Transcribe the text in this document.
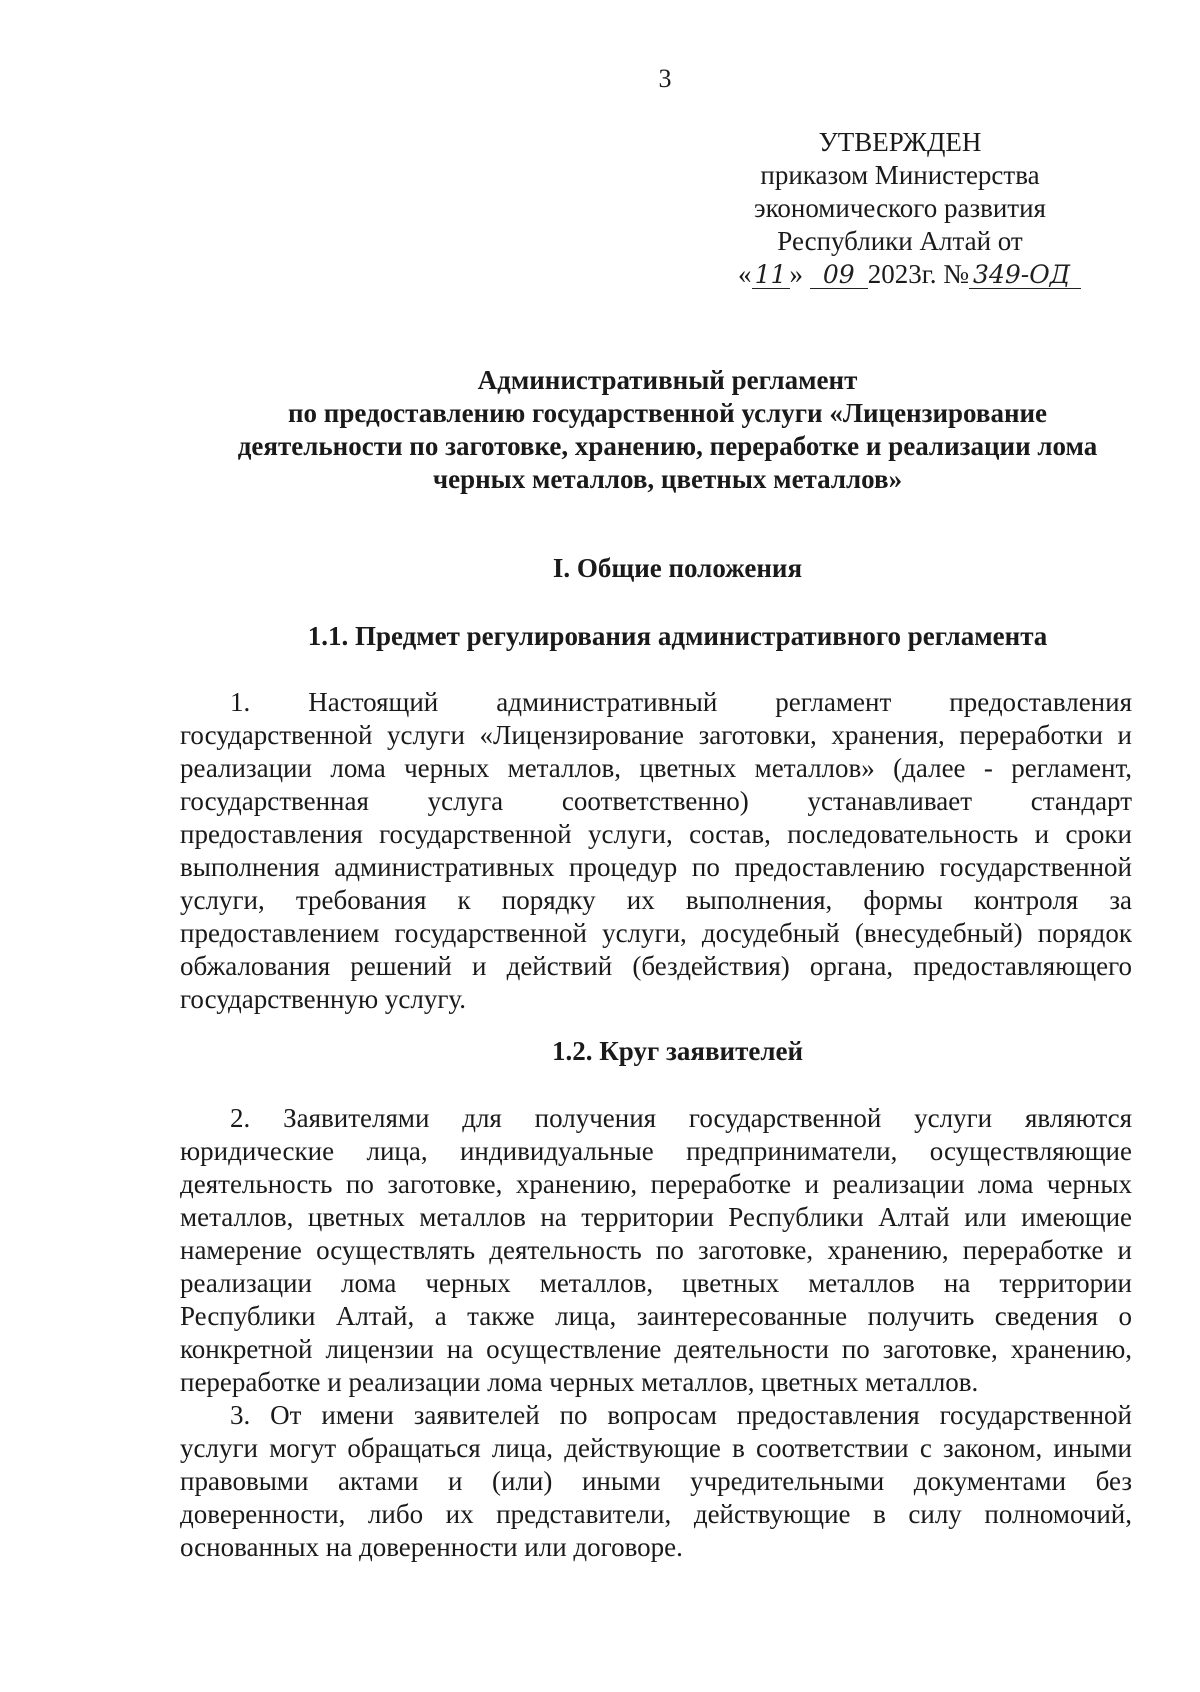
3
УТВЕРЖДЕН
приказом Министерства
экономического развития
Республики Алтай от
« 11 » 09 2023г. № 349-ОД
Административный регламент
по предоставлению государственной услуги «Лицензирование
деятельности по заготовке, хранению, переработке и реализации лома
черных металлов, цветных металлов»
I. Общие положения
1.1. Предмет регулирования административного регламента
1. Настоящий административный регламент предоставления
государственной услуги «Лицензирование заготовки, хранения, переработки и
реализации лома черных металлов, цветных металлов» (далее - регламент,
государственная услуга соответственно) устанавливает стандарт
предоставления государственной услуги, состав, последовательность и сроки
выполнения административных процедур по предоставлению государственной
услуги, требования к порядку их выполнения, формы контроля за
предоставлением государственной услуги, досудебный (внесудебный) порядок
обжалования решений и действий (бездействия) органа, предоставляющего
государственную услугу.
1.2. Круг заявителей
2. Заявителями для получения государственной услуги являются
юридические лица, индивидуальные предприниматели, осуществляющие
деятельность по заготовке, хранению, переработке и реализации лома черных
металлов, цветных металлов на территории Республики Алтай или имеющие
намерение осуществлять деятельность по заготовке, хранению, переработке и
реализации лома черных металлов, цветных металлов на территории
Республики Алтай, а также лица, заинтересованные получить сведения о
конкретной лицензии на осуществление деятельности по заготовке, хранению,
переработке и реализации лома черных металлов, цветных металлов.
3. От имени заявителей по вопросам предоставления государственной
услуги могут обращаться лица, действующие в соответствии с законом, иными
правовыми актами и (или) иными учредительными документами без
доверенности, либо их представители, действующие в силу полномочий,
основанных на доверенности или договоре.
